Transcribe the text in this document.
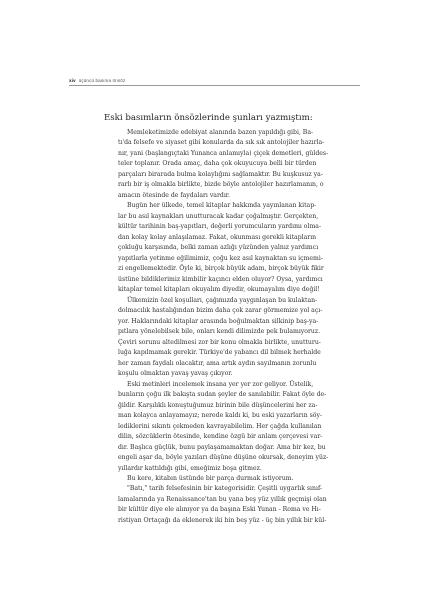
xiv üçüncü basıma önsöz
Eski basımların önsözlerinde şunları yazmıştım:
Memleketimizde edebiyat alanında bazen yapıldığı gibi, Ba-
tı'da felsefe ve siyaset gibi konularda da sık sık antolojiler hazırla-
nır, yani (başlangıçtaki Yunanca anlamıyla) çiçek demetleri, güldes-
teler toplanır. Orada amaç, daha çok okuyucuya belli bir türden
parçaları birarada bulma kolaylığını sağlamaktır. Bu kuşkusuz ya-
rarlı bir iş olmakla birlikte, bizde böyle antolojiler hazırlamanın, o
amacın ötesinde de faydaları vardır.
Bugün her ülkede, temel kitaplar hakkında yayınlanan kitap-
lar bu asıl kaynakları unutturacak kadar çoğalmıştır. Gerçekten,
kültür tarihinin baş-yapıtları, değerli yorumcuların yardımı olma-
dan kolay kolay anlaşılamaz. Fakat, okunması gerekli kitapların
çokluğu karşısında, belki zaman azlığı yüzünden yalnız yardımcı
yapıtlarla yetinme eğilimimiz, çoğu kez asıl kaynaktan su içmemi-
zi engellemektedir. Öyle ki, birçok büyük adam, birçok büyük fikir
üstüne bildiklerimiz kimbilir kaçıncı elden oluyor? Oysa, yardımcı
kitaplar temel kitapları okuyalım diyedir, okumayalım diye değil!
Ülkemizin özel koşulları, çağımızda yaygınlaşan bu kulaktan-
dolmacılık hastalığından bizim daha çok zarar görmemize yol açı-
yor. Haklarındaki kitaplar arasında boğulmaktan silkinip baş-ya-
pıtlara yönelebilsek bile, onları kendi dilimizde pek bulamıyoruz.
Çeviri sorunu altedilmesi zor bir konu olmakla birlikte, unutturu-
luğa kapılmamak gerekir. Türkiye'de yabancı dil bilmek herhalde
her zaman faydalı olacaktır, ama artık aydın sayılmanın zorunlu
koşulu olmaktan yavaş yavaş çıkıyor.
Eski metinleri incelemek insana yer yer zor geliyor. Üstelik,
bunların çoğu ilk bakışta sudan şeyler de sanılabilir. Fakat öyle de-
ğildir. Karşılıklı konuştuğumuz birinin bile düşüncelerini her za-
man kolayca anlayamayız; nerede kaldı ki, bu eski yazarların söy-
lediklerini sıkıntı çekmeden kavrayabilelim. Her çağda kullanılan
dilin, sözcüklerin ötesinde, kendine özgü bir anlam çerçevesi var-
dır. Başlıca güçlük, bunu paylaşamamaktan doğar. Ama bir kez, bu
engeli aşar da, böyle yazıları düşüne düşüne okursak, deneyim yüz-
yıllardır kattıldığı gibi, emeğimiz boşa gitmez.
Bu kere, kitabın üstünde bir parça durmak istiyorum.
"Batı," tarih felsefesinin bir kategorisidir. Çeşitli uygarlık sınıf-
lamalarında ya Renaissance'tan bu yana beş yüz yıllık geçmişi olan
bir kültür diye ele alınıyor ya da başına Eski Yunan - Roma ve Hı-
ristiyan Ortaçağı da eklenerek iki bin beş yüz - üç bin yıllık bir kül-
